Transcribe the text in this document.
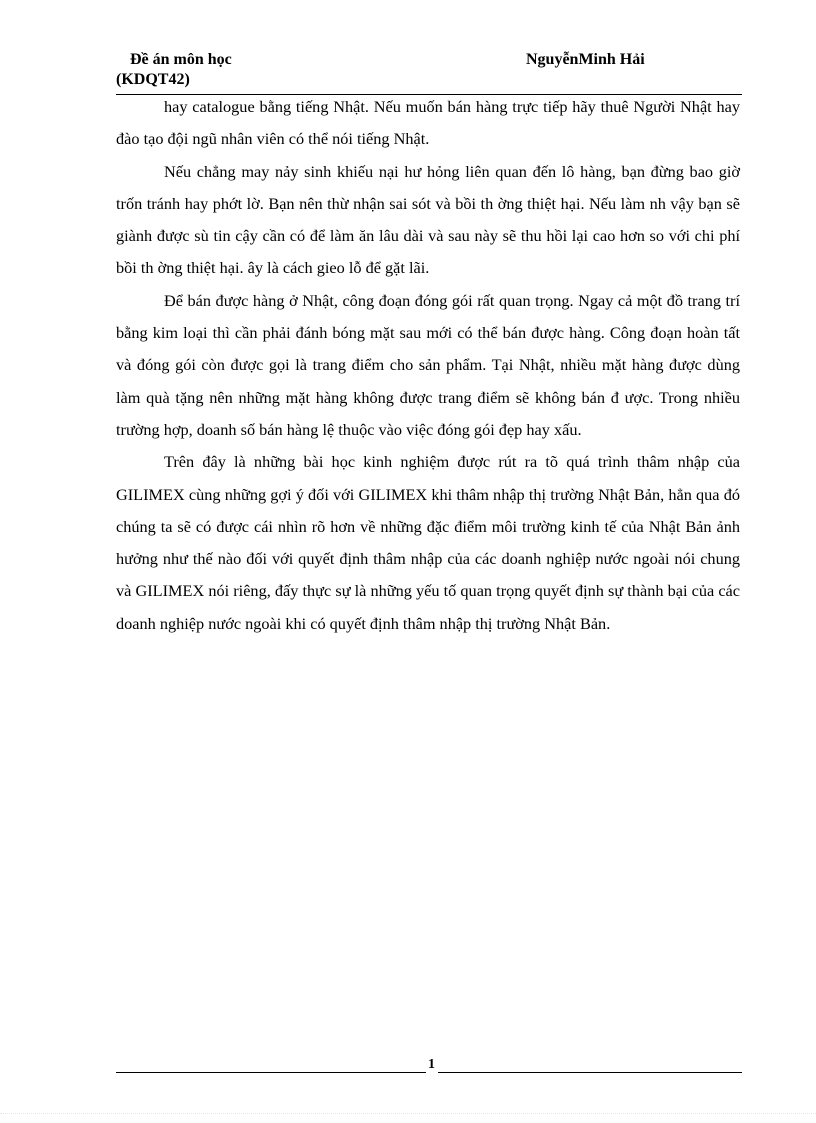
Đề án môn học
(KDQT42)
NguyễnMinh Hải

hay catalogue bằng tiếng Nhật. Nếu muốn bán hàng trực tiếp hãy thuê Người Nhật hay đào tạo đội ngũ nhân viên có thể nói tiếng Nhật.

Nếu chẳng may nảy sinh khiếu nại hư hỏng liên quan đến lô hàng, bạn đừng bao giờ trốn tránh hay phớt lờ. Bạn nên thừ nhận sai sót và bồi th ờng thiệt hại. Nếu làm nh vậy bạn sẽ giành được sù tin cậy cần có để làm ăn lâu dài và sau này sẽ thu hồi lại cao hơn so với chi phí bồi th ờng thiệt hại. ây là cách gieo lỗ để gặt lãi.

Để bán được hàng ở Nhật, công đoạn đóng gói rất quan trọng. Ngay cả một đồ trang trí bằng kim loại thì cần phải đánh bóng mặt sau mới có thể bán được hàng. Công đoạn hoàn tất và đóng gói còn được gọi là trang điểm cho sản phẩm. Tại Nhật, nhiều mặt hàng được dùng làm quà tặng nên những mặt hàng không được trang điểm sẽ không bán đ ược. Trong nhiều trường hợp, doanh số bán hàng lệ thuộc vào việc đóng gói đẹp hay xấu.

Trên đây là những bài học kinh nghiệm được rút ra tõ quá trình thâm nhập của GILIMEX cùng những gợi ý đối với GILIMEX khi thâm nhập thị trường Nhật Bản, hẳn qua đó chúng ta sẽ có được cái nhìn rõ hơn về những đặc điểm môi trường kinh tế của Nhật Bản ảnh hưởng như thế nào đối với quyết định thâm nhập của các doanh nghiệp nước ngoài nói chung và GILIMEX nói riêng, đấy thực sự là những yếu tố quan trọng quyết định sự thành bại của các doanh nghiệp nước ngoài khi có quyết định thâm nhập thị trường Nhật Bản.

1
